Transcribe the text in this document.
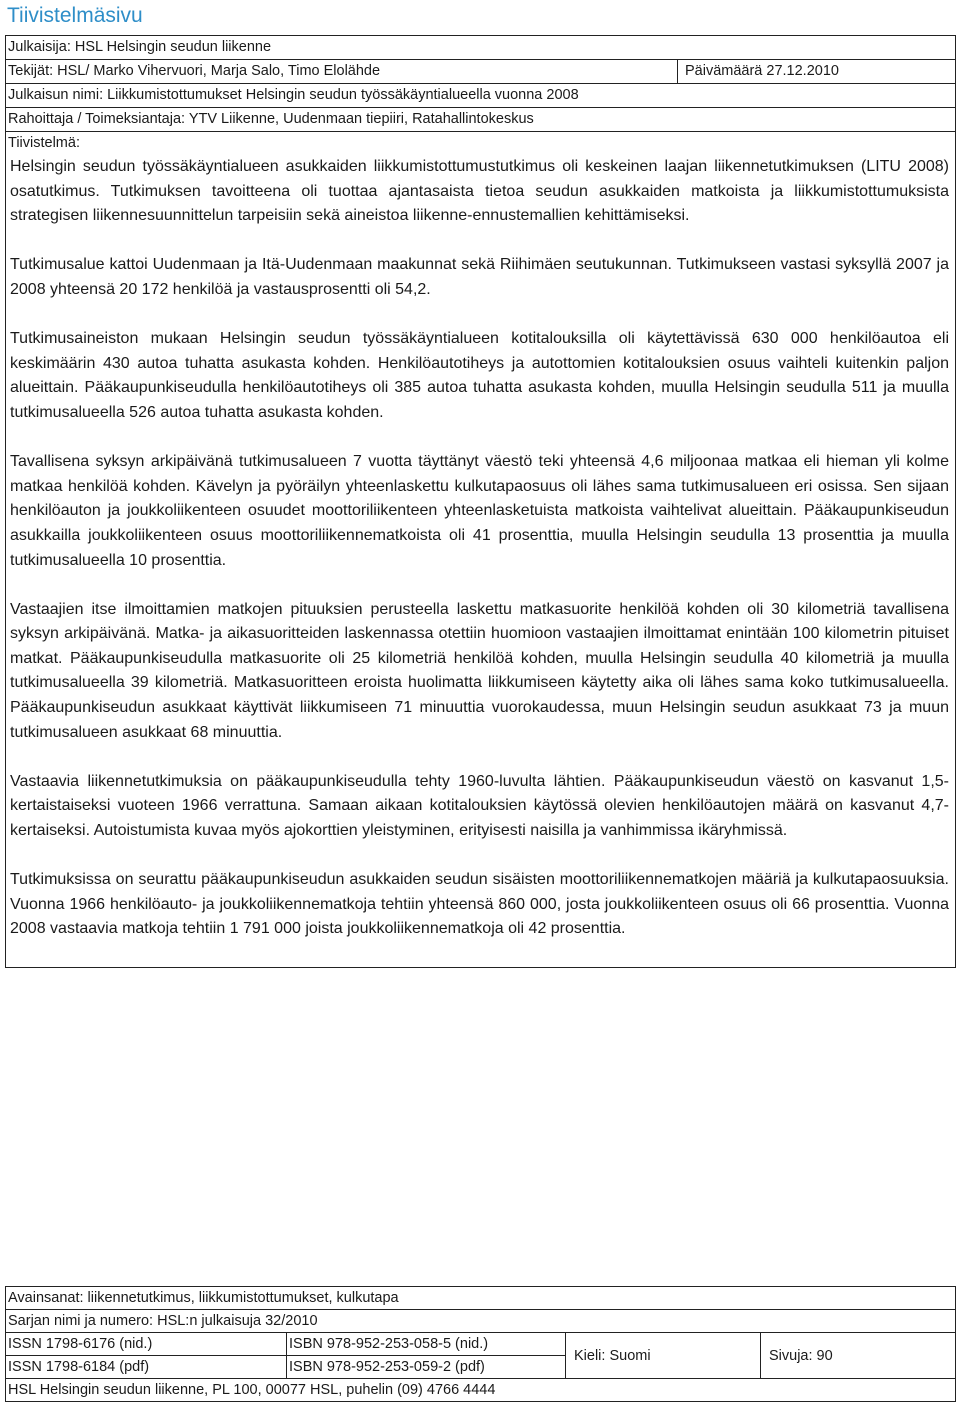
Tiivistelmäsivu
Julkaisija: HSL Helsingin seudun liikenne
Tekijät: HSL/ Marko Vihervuori, Marja Salo, Timo Elolähde	Päivämäärä 27.12.2010
Julkaisun nimi: Liikkumistottumukset Helsingin seudun työssäkäyntialueella vuonna 2008
Rahoittaja / Toimeksiantaja: YTV Liikenne, Uudenmaan tiepiiri, Ratahallintokeskus
Tiivistelmä:

Helsingin seudun työssäkäyntialueen asukkaiden liikkumistottumustutkimus oli keskeinen laajan liikennetutkimuksen (LITU 2008) osatutkimus. Tutkimuksen tavoitteena oli tuottaa ajantasaista tietoa seudun asukkaiden matkoista ja liikkumistottumuksista strategisen liikennesuunnittelun tarpeisiin sekä aineistoa liikenne-ennustemallien kehittämiseksi.

Tutkimusalue kattoi Uudenmaan ja Itä-Uudenmaan maakunnat sekä Riihimäen seutukunnan. Tutkimukseen vastasi syksyllä 2007 ja 2008 yhteensä 20 172 henkilöä ja vastausprosentti oli 54,2.

Tutkimusaineiston mukaan Helsingin seudun työssäkäyntialueen kotitalouksilla oli käytettävissä 630 000 henkilöautoa eli keskimäärin 430 autoa tuhatta asukasta kohden. Henkilöautotiheys ja autottomien kotitalouksien osuus vaihteli kuitenkin paljon alueittain. Pääkaupunkiseudulla henkilöautotiheys oli 385 autoa tuhatta asukasta kohden, muulla Helsingin seudulla 511 ja muulla tutkimusalueella 526 autoa tuhatta asukasta kohden.

Tavallisena syksyn arkipäivänä tutkimusalueen 7 vuotta täyttänyt väestö teki yhteensä 4,6 miljoonaa matkaa eli hieman yli kolme matkaa henkilöä kohden. Kävelyn ja pyöräilyn yhteenlaskettu kulkutapaosuus oli lähes sama tutkimusalueen eri osissa. Sen sijaan henkilöauton ja joukkoliikenteen osuudet moottoriliikenteen yhteenlasketuista matkoista vaihtelivat alueittain. Pääkaupunkiseudun asukkailla joukkoliikenteen osuus moottoriliikennematkoista oli 41 prosenttia, muulla Helsingin seudulla 13 prosenttia ja muulla tutkimusalueella 10 prosenttia.

Vastaajien itse ilmoittamien matkojen pituuksien perusteella laskettu matkasuorite henkilöä kohden oli 30 kilometriä tavallisena syksyn arkipäivänä. Matka- ja aikasuoritteiden laskennassa otettiin huomioon vastaajien ilmoittamat enintään 100 kilometrin pituiset matkat. Pääkaupunkiseudulla matkasuorite oli 25 kilometriä henkilöä kohden, muulla Helsingin seudulla 40 kilometriä ja muulla tutkimusalueella 39 kilometriä. Matkasuoritteen eroista huolimatta liikkumiseen käytetty aika oli lähes sama koko tutkimusalueella. Pääkaupunkiseudun asukkaat käyttivät liikkumiseen 71 minuuttia vuorokaudessa, muun Helsingin seudun asukkaat 73 ja muun tutkimusalueen asukkaat 68 minuuttia.

Vastaavia liikennetutkimuksia on pääkaupunkiseudulla tehty 1960-luvulta lähtien. Pääkaupunkiseudun väestö on kasvanut 1,5-kertaistaiseksi vuoteen 1966 verrattuna. Samaan aikaan kotitalouksien käytössä olevien henkilöautojen määrä on kasvanut 4,7-kertaiseksi. Autoistumista kuvaa myös ajokorttien yleistyminen, erityisesti naisilla ja vanhimmissa ikäryhmissä.

Tutkimuksissa on seurattu pääkaupunkiseudun asukkaiden seudun sisäisten moottoriliikennematkojen määriä ja kulkutapaosuuksia. Vuonna 1966 henkilöauto- ja joukkoliikennematkoja tehtiin yhteensä 860 000, josta joukkoliikenteen osuus oli 66 prosenttia. Vuonna 2008 vastaavia matkoja tehtiin 1 791 000 joista joukkoliikennematkoja oli 42 prosenttia.

Avainsanat: liikennetutkimus, liikkumistottumukset, kulkutapa
Sarjan nimi ja numero: HSL:n julkaisuja 32/2010
ISSN 1798-6176 (nid.)
ISSN 1798-6184 (pdf)
ISBN 978-952-253-058-5 (nid.)
ISBN 978-952-253-059-2 (pdf)
Kieli: Suomi	Sivuja: 90
HSL Helsingin seudun liikenne, PL 100, 00077 HSL, puhelin (09) 4766 4444
